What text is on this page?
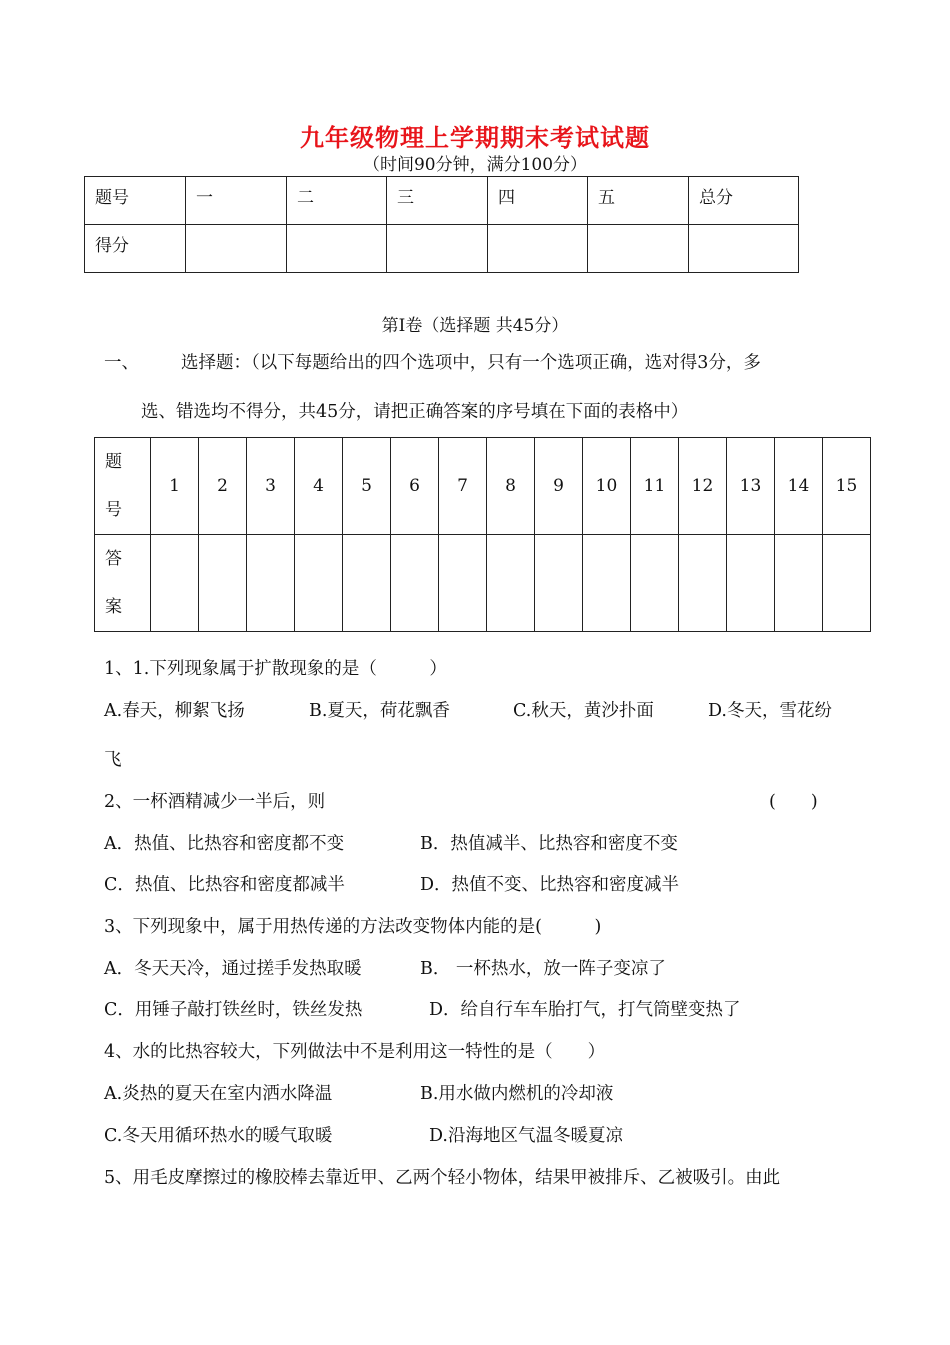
九年级物理上学期期末考试试题
（时间90分钟，满分100分）
题号	一	二	三	四	五	总分
得分						
第Ⅰ卷（选择题 共45分）
一、 选择题：（以下每题给出的四个选项中，只有一个选项正确，选对得3分，多
选、错选均不得分，共45分，请把正确答案的序号填在下面的表格中）
题
号	1	2	3	4	5	6	7	8	9	10	11	12	13	14	15

答
案															

1、1.下列现象属于扩散现象的是（　　　）
A.春天，柳絮飞扬	B.夏天，荷花飘香	C.秋天，黄沙扑面	D.冬天，雪花纷
飞
2、一杯酒精减少一半后，则	(　　)
A．热值、比热容和密度都不变	B．热值减半、比热容和密度不变
C．热值、比热容和密度都减半	D．热值不变、比热容和密度减半
3、下列现象中，属于用热传递的方法改变物体内能的是(　　　)
A．冬天天冷，通过搓手发热取暖	B． 一杯热水，放一阵子变凉了
C．用锤子敲打铁丝时，铁丝发热	D．给自行车车胎打气，打气筒壁变热了
4、水的比热容较大，下列做法中不是利用这一特性的是（　　）
A.炎热的夏天在室内洒水降温	B.用水做内燃机的冷却液
C.冬天用循环热水的暖气取暖	D.沿海地区气温冬暖夏凉
5、用毛皮摩擦过的橡胶棒去靠近甲、乙两个轻小物体，结果甲被排斥、乙被吸引。由此
